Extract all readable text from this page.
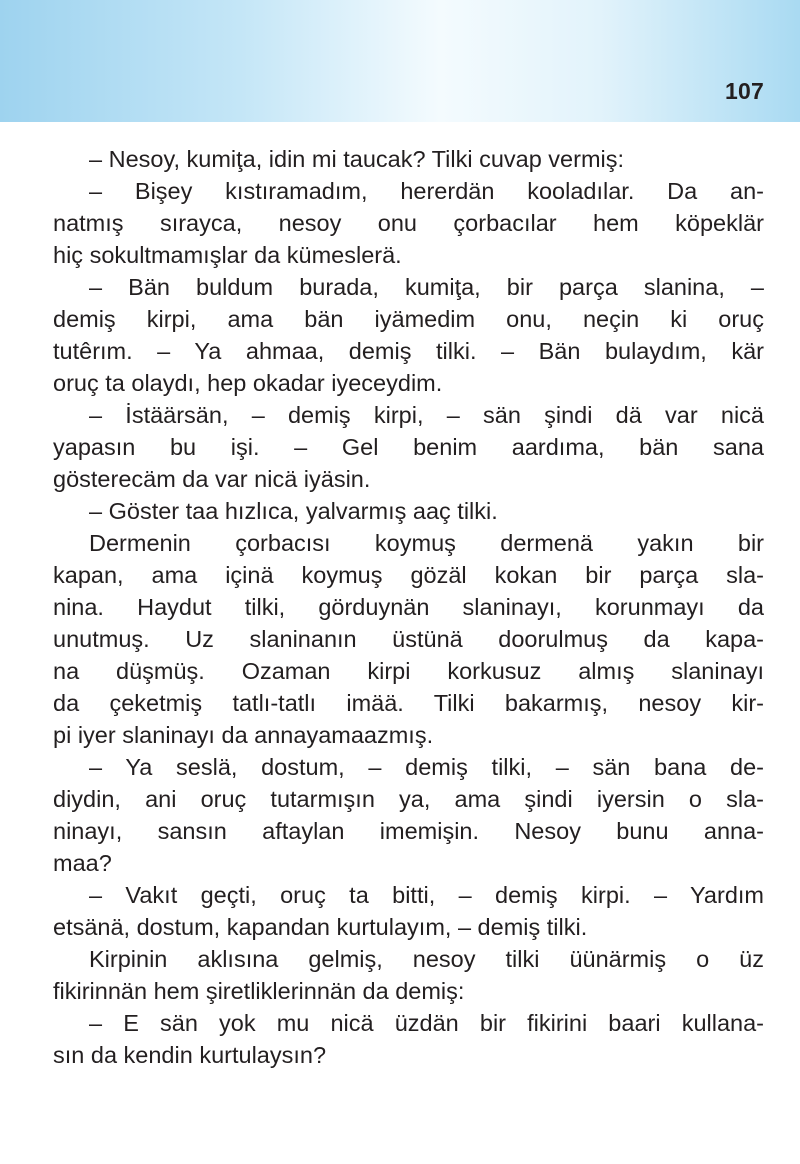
107
– Nesoy, kumiţa, idin mi taucak? Tilki cuvap vermiş:
– Bişey kıstıramadım, hererdän kooladılar. Da an-
natmış sırayca, nesoy onu çorbacılar hem köpeklär
hiç sokultmamışlar da kümeslerä.
– Bän buldum burada, kumiţa, bir parça slanina, –
demiş kirpi, ama bän iyämedim onu, neçin ki oruç
tutêrım. – Ya ahmaa, demiş tilki. – Bän bulaydım, kär
oruç ta olaydı, hep okadar iyeceydim.
– İstäärsän, – demiş kirpi, – sän şindi dä var nicä
yapasın bu işi. – Gel benim aardıma, bän sana
gösterecäm da var nicä iyäsin.
– Göster taa hızlıca, yalvarmış aaç tilki.
Dermenin çorbacısı koymuş dermenä yakın bir
kapan, ama içinä koymuş gözäl kokan bir parça sla-
nina. Haydut tilki, görduynän slaninayı, korunmayı da
unutmuş. Uz slaninanın üstünä doorulmuş da kapa-
na düşmüş. Ozaman kirpi korkusuz almış slaninayı
da çeketmiş tatlı-tatlı imää. Tilki bakarmış, nesoy kir-
pi iyer slaninayı da annayamaazmış.
– Ya seslä, dostum, – demiş tilki, – sän bana de-
diydin, ani oruç tutarmışın ya, ama şindi iyersin o sla-
ninayı, sansın aftaylan imemişin. Nesoy bunu anna-
maa?
– Vakıt geçti, oruç ta bitti, – demiş kirpi. – Yardım
etsänä, dostum, kapandan kurtulayım, – demiş tilki.
Kirpinin aklısına gelmiş, nesoy tilki üünärmiş o üz
fikirinnän hem şiretliklerinnän da demiş:
– E sän yok mu nicä üzdän bir fikirini baari kullana-
sın da kendin kurtulaysın?
